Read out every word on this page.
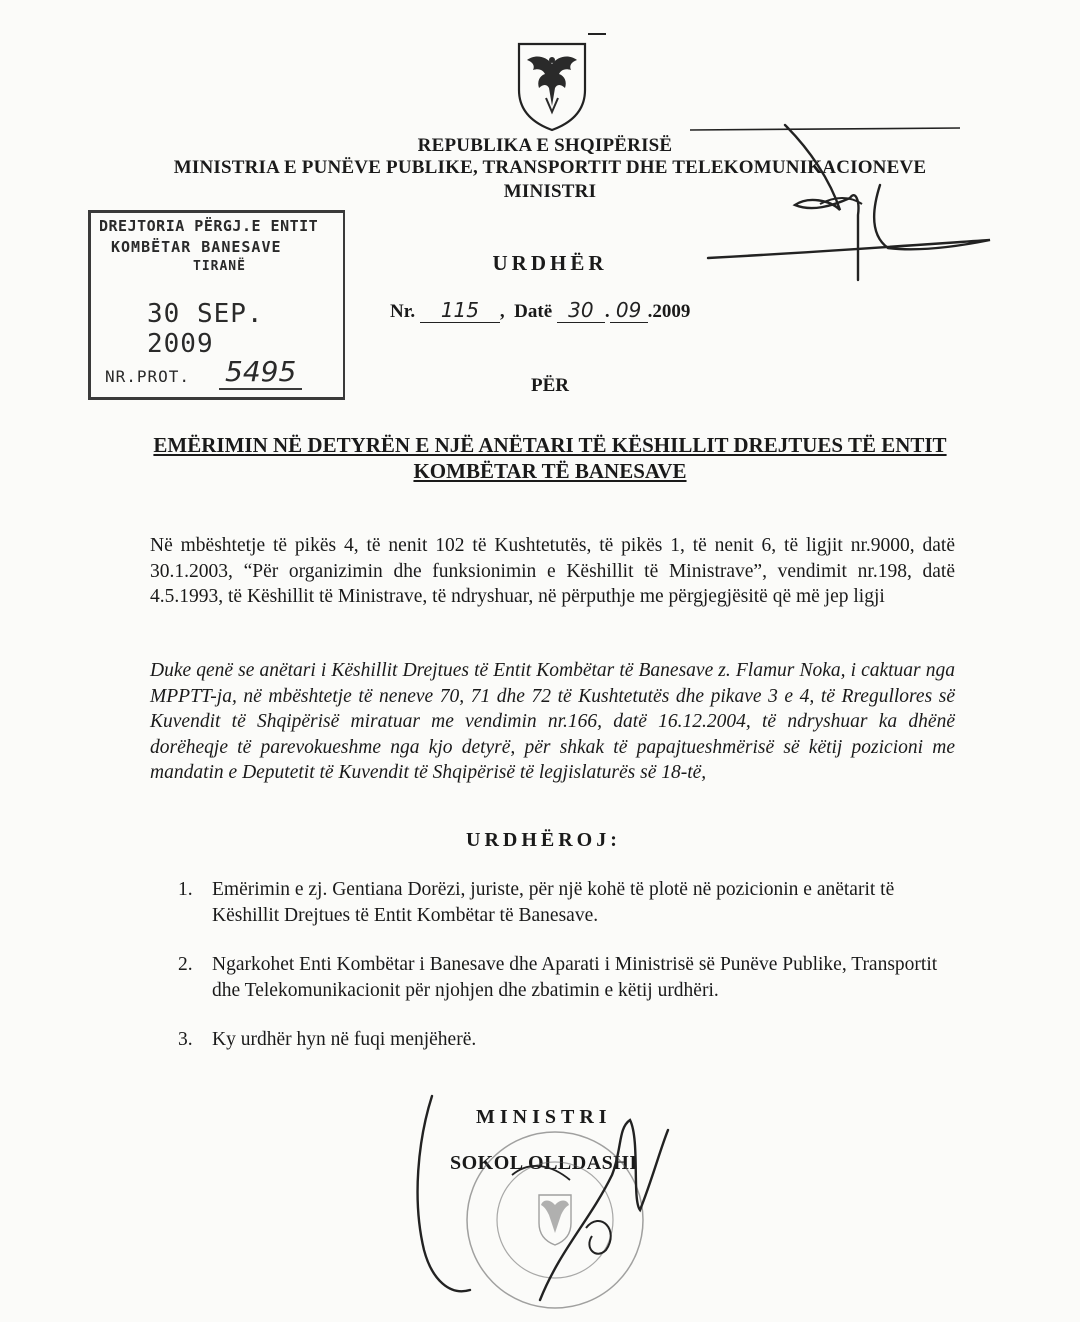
REPUBLIKA E SHQIPËRISË
MINISTRIA E PUNËVE PUBLIKE, TRANSPORTIT DHE TELEKOMUNIKACIONEVE
MINISTRI
DREJTORIA PËRGJ.E ENTIT
KOMBËTAR BANESAVE
TIRANË
30 SEP. 2009
NR.PROT. 5495
URDHËR
Nr. 115 ,  Datë 30 . 09 .2009
PËR
EMËRIMIN NË DETYRËN E NJË ANËTARI TË KËSHILLIT DREJTUES TË ENTIT KOMBËTAR TË BANESAVE
Në mbështetje të pikës 4, të nenit 102 të Kushtetutës, të pikës 1, të nenit 6, të ligjit nr.9000, datë 30.1.2003, “Për organizimin dhe funksionimin e Këshillit të Ministrave”, vendimit nr.198, datë 4.5.1993, të Këshillit të Ministrave, të ndryshuar, në përputhje me përgjegjësitë që më jep ligji
Duke qenë se anëtari i Këshillit Drejtues të Entit Kombëtar të Banesave z. Flamur Noka, i caktuar nga MPPTT-ja, në mbështetje të neneve 70, 71 dhe 72 të Kushtetutës dhe pikave 3 e 4, të Rregullores së Kuvendit të Shqipërisë miratuar me vendimin nr.166, datë 16.12.2004, të ndryshuar ka dhënë dorëheqje të parevokueshme nga kjo detyrë, për shkak të papajtueshmërisë së këtij pozicioni me mandatin e Deputetit të Kuvendit të Shqipërisë të legjislaturës së 18-të,
URDHËROJ:
1. Emërimin e zj. Gentiana Dorëzi, juriste, për një kohë të plotë në pozicionin e anëtarit të Këshillit Drejtues të Entit Kombëtar të Banesave.
2. Ngarkohet Enti Kombëtar i Banesave dhe Aparati i Ministrisë së Punëve Publike, Transportit dhe Telekomunikacionit për njohjen dhe zbatimin e këtij urdhëri.
3. Ky urdhër hyn në fuqi menjëherë.
MINISTRI
SOKOL OLLDASHI
